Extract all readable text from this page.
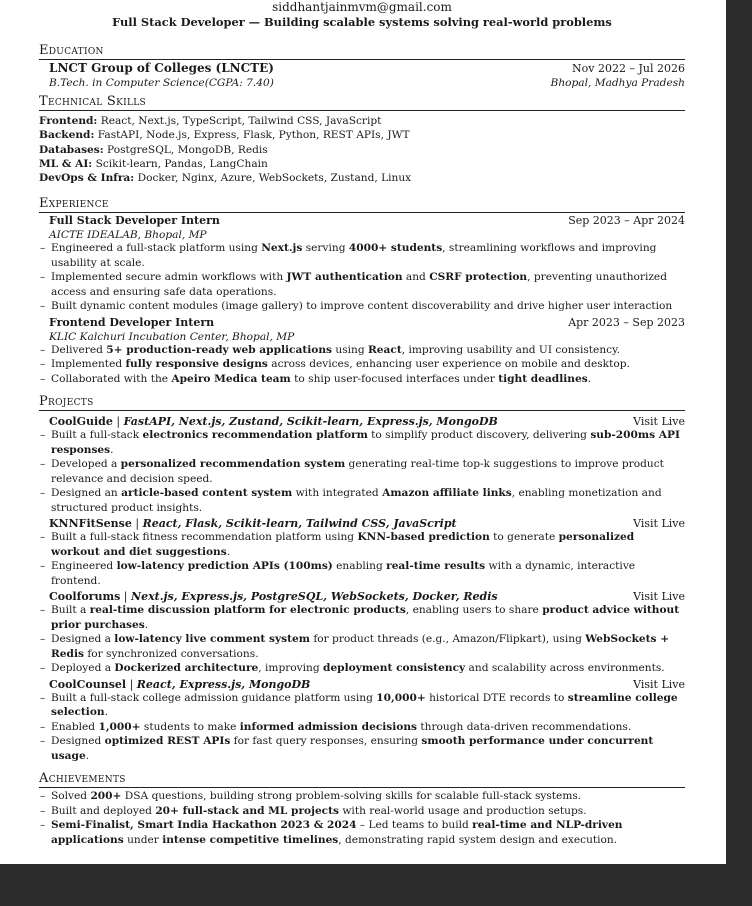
siddhantjainmvm@gmail.com
Full Stack Developer — Building scalable systems solving real-world problems
Education
LNCT Group of Colleges (LNCTE)	Nov 2022 – Jul 2026
B.Tech. in Computer Science(CGPA: 7.40)	Bhopal, Madhya Pradesh
Technical Skills
Frontend: React, Next.js, TypeScript, Tailwind CSS, JavaScript
Backend: FastAPI, Node.js, Express, Flask, Python, REST APIs, JWT
Databases: PostgreSQL, MongoDB, Redis
ML & AI: Scikit-learn, Pandas, LangChain
DevOps & Infra: Docker, Nginx, Azure, WebSockets, Zustand, Linux
Experience
Full Stack Developer Intern	Sep 2023 – Apr 2024
AICTE IDEALAB, Bhopal, MP
– Engineered a full-stack platform using Next.js serving 4000+ students, streamlining workflows and improving usability at scale.
– Implemented secure admin workflows with JWT authentication and CSRF protection, preventing unauthorized access and ensuring safe data operations.
– Built dynamic content modules (image gallery) to improve content discoverability and drive higher user interaction
Frontend Developer Intern	Apr 2023 – Sep 2023
KLIC Kalchuri Incubation Center, Bhopal, MP
– Delivered 5+ production-ready web applications using React, improving usability and UI consistency.
– Implemented fully responsive designs across devices, enhancing user experience on mobile and desktop.
– Collaborated with the Apeiro Medica team to ship user-focused interfaces under tight deadlines.
Projects
CoolGuide | FastAPI, Next.js, Zustand, Scikit-learn, Express.js, MongoDB	Visit Live
– Built a full-stack electronics recommendation platform to simplify product discovery, delivering sub-200ms API responses.
– Developed a personalized recommendation system generating real-time top-k suggestions to improve product relevance and decision speed.
– Designed an article-based content system with integrated Amazon affiliate links, enabling monetization and structured product insights.
KNNFitSense | React, Flask, Scikit-learn, Tailwind CSS, JavaScript	Visit Live
– Built a full-stack fitness recommendation platform using KNN-based prediction to generate personalized workout and diet suggestions.
– Engineered low-latency prediction APIs (100ms) enabling real-time results with a dynamic, interactive frontend.
Coolforums | Next.js, Express.js, PostgreSQL, WebSockets, Docker, Redis	Visit Live
– Built a real-time discussion platform for electronic products, enabling users to share product advice without prior purchases.
– Designed a low-latency live comment system for product threads (e.g., Amazon/Flipkart), using WebSockets + Redis for synchronized conversations.
– Deployed a Dockerized architecture, improving deployment consistency and scalability across environments.
CoolCounsel | React, Express.js, MongoDB	Visit Live
– Built a full-stack college admission guidance platform using 10,000+ historical DTE records to streamline college selection.
– Enabled 1,000+ students to make informed admission decisions through data-driven recommendations.
– Designed optimized REST APIs for fast query responses, ensuring smooth performance under concurrent usage.
Achievements
– Solved 200+ DSA questions, building strong problem-solving skills for scalable full-stack systems.
– Built and deployed 20+ full-stack and ML projects with real-world usage and production setups.
– Semi-Finalist, Smart India Hackathon 2023 & 2024 – Led teams to build real-time and NLP-driven applications under intense competitive timelines, demonstrating rapid system design and execution.
